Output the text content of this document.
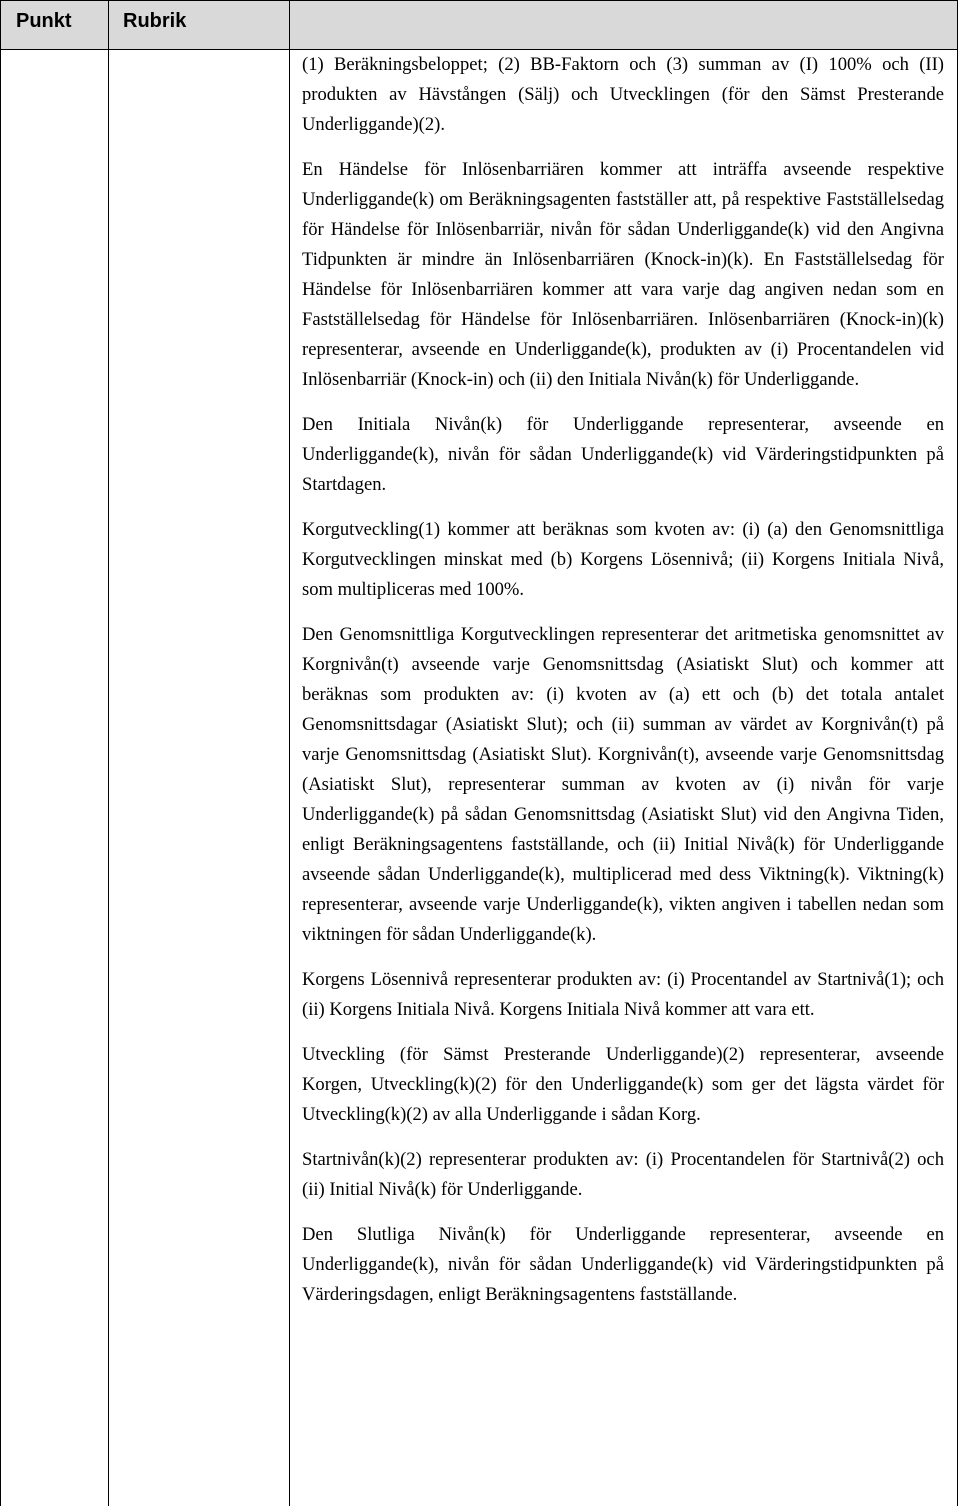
Punkt	Rubrik

(1) Beräkningsbeloppet; (2) BB-Faktorn och (3) summan av (I) 100% och (II) produkten av Hävstången (Sälj) och Utvecklingen (för den Sämst Presterande Underliggande)(2).

En Händelse för Inlösenbarriären kommer att inträffa avseende respektive Underliggande(k) om Beräkningsagenten fastställer att, på respektive Fastställelsedag för Händelse för Inlösenbarriär, nivån för sådan Underliggande(k) vid den Angivna Tidpunkten är mindre än Inlösenbarriären (Knock-in)(k). En Fastställelsedag för Händelse för Inlösenbarriären kommer att vara varje dag angiven nedan som en Fastställelsedag för Händelse för Inlösenbarriären. Inlösenbarriären (Knock-in)(k) representerar, avseende en Underliggande(k), produkten av (i) Procentandelen vid Inlösenbarriär (Knock-in) och (ii) den Initiala Nivån(k) för Underliggande.

Den Initiala Nivån(k) för Underliggande representerar, avseende en Underliggande(k), nivån för sådan Underliggande(k) vid Värderingstidpunkten på Startdagen.

Korgutveckling(1) kommer att beräknas som kvoten av: (i) (a) den Genomsnittliga Korgutvecklingen minskat med (b) Korgens Lösennivå; (ii) Korgens Initiala Nivå, som multipliceras med 100%.

Den Genomsnittliga Korgutvecklingen representerar det aritmetiska genomsnittet av Korgnivån(t) avseende varje Genomsnittsdag (Asiatiskt Slut) och kommer att beräknas som produkten av: (i) kvoten av (a) ett och (b) det totala antalet Genomsnittsdagar (Asiatiskt Slut); och (ii) summan av värdet av Korgnivån(t) på varje Genomsnittsdag (Asiatiskt Slut). Korgnivån(t), avseende varje Genomsnittsdag (Asiatiskt Slut), representerar summan av kvoten av (i) nivån för varje Underliggande(k) på sådan Genomsnittsdag (Asiatiskt Slut) vid den Angivna Tiden, enligt Beräkningsagentens fastställande, och (ii) Initial Nivå(k) för Underliggande avseende sådan Underliggande(k), multiplicerad med dess Viktning(k). Viktning(k) representerar, avseende varje Underliggande(k), vikten angiven i tabellen nedan som viktningen för sådan Underliggande(k).

Korgens Lösennivå representerar produkten av: (i) Procentandel av Startnivå(1); och (ii) Korgens Initiala Nivå. Korgens Initiala Nivå kommer att vara ett.

Utveckling (för Sämst Presterande Underliggande)(2) representerar, avseende Korgen, Utveckling(k)(2) för den Underliggande(k) som ger det lägsta värdet för Utveckling(k)(2) av alla Underliggande i sådan Korg.

Startnivån(k)(2) representerar produkten av: (i) Procentandelen för Startnivå(2) och (ii) Initial Nivå(k) för Underliggande.

Den Slutliga Nivån(k) för Underliggande representerar, avseende en Underliggande(k), nivån för sådan Underliggande(k) vid Värderingstidpunkten på Värderingsdagen, enligt Beräkningsagentens fastställande.
